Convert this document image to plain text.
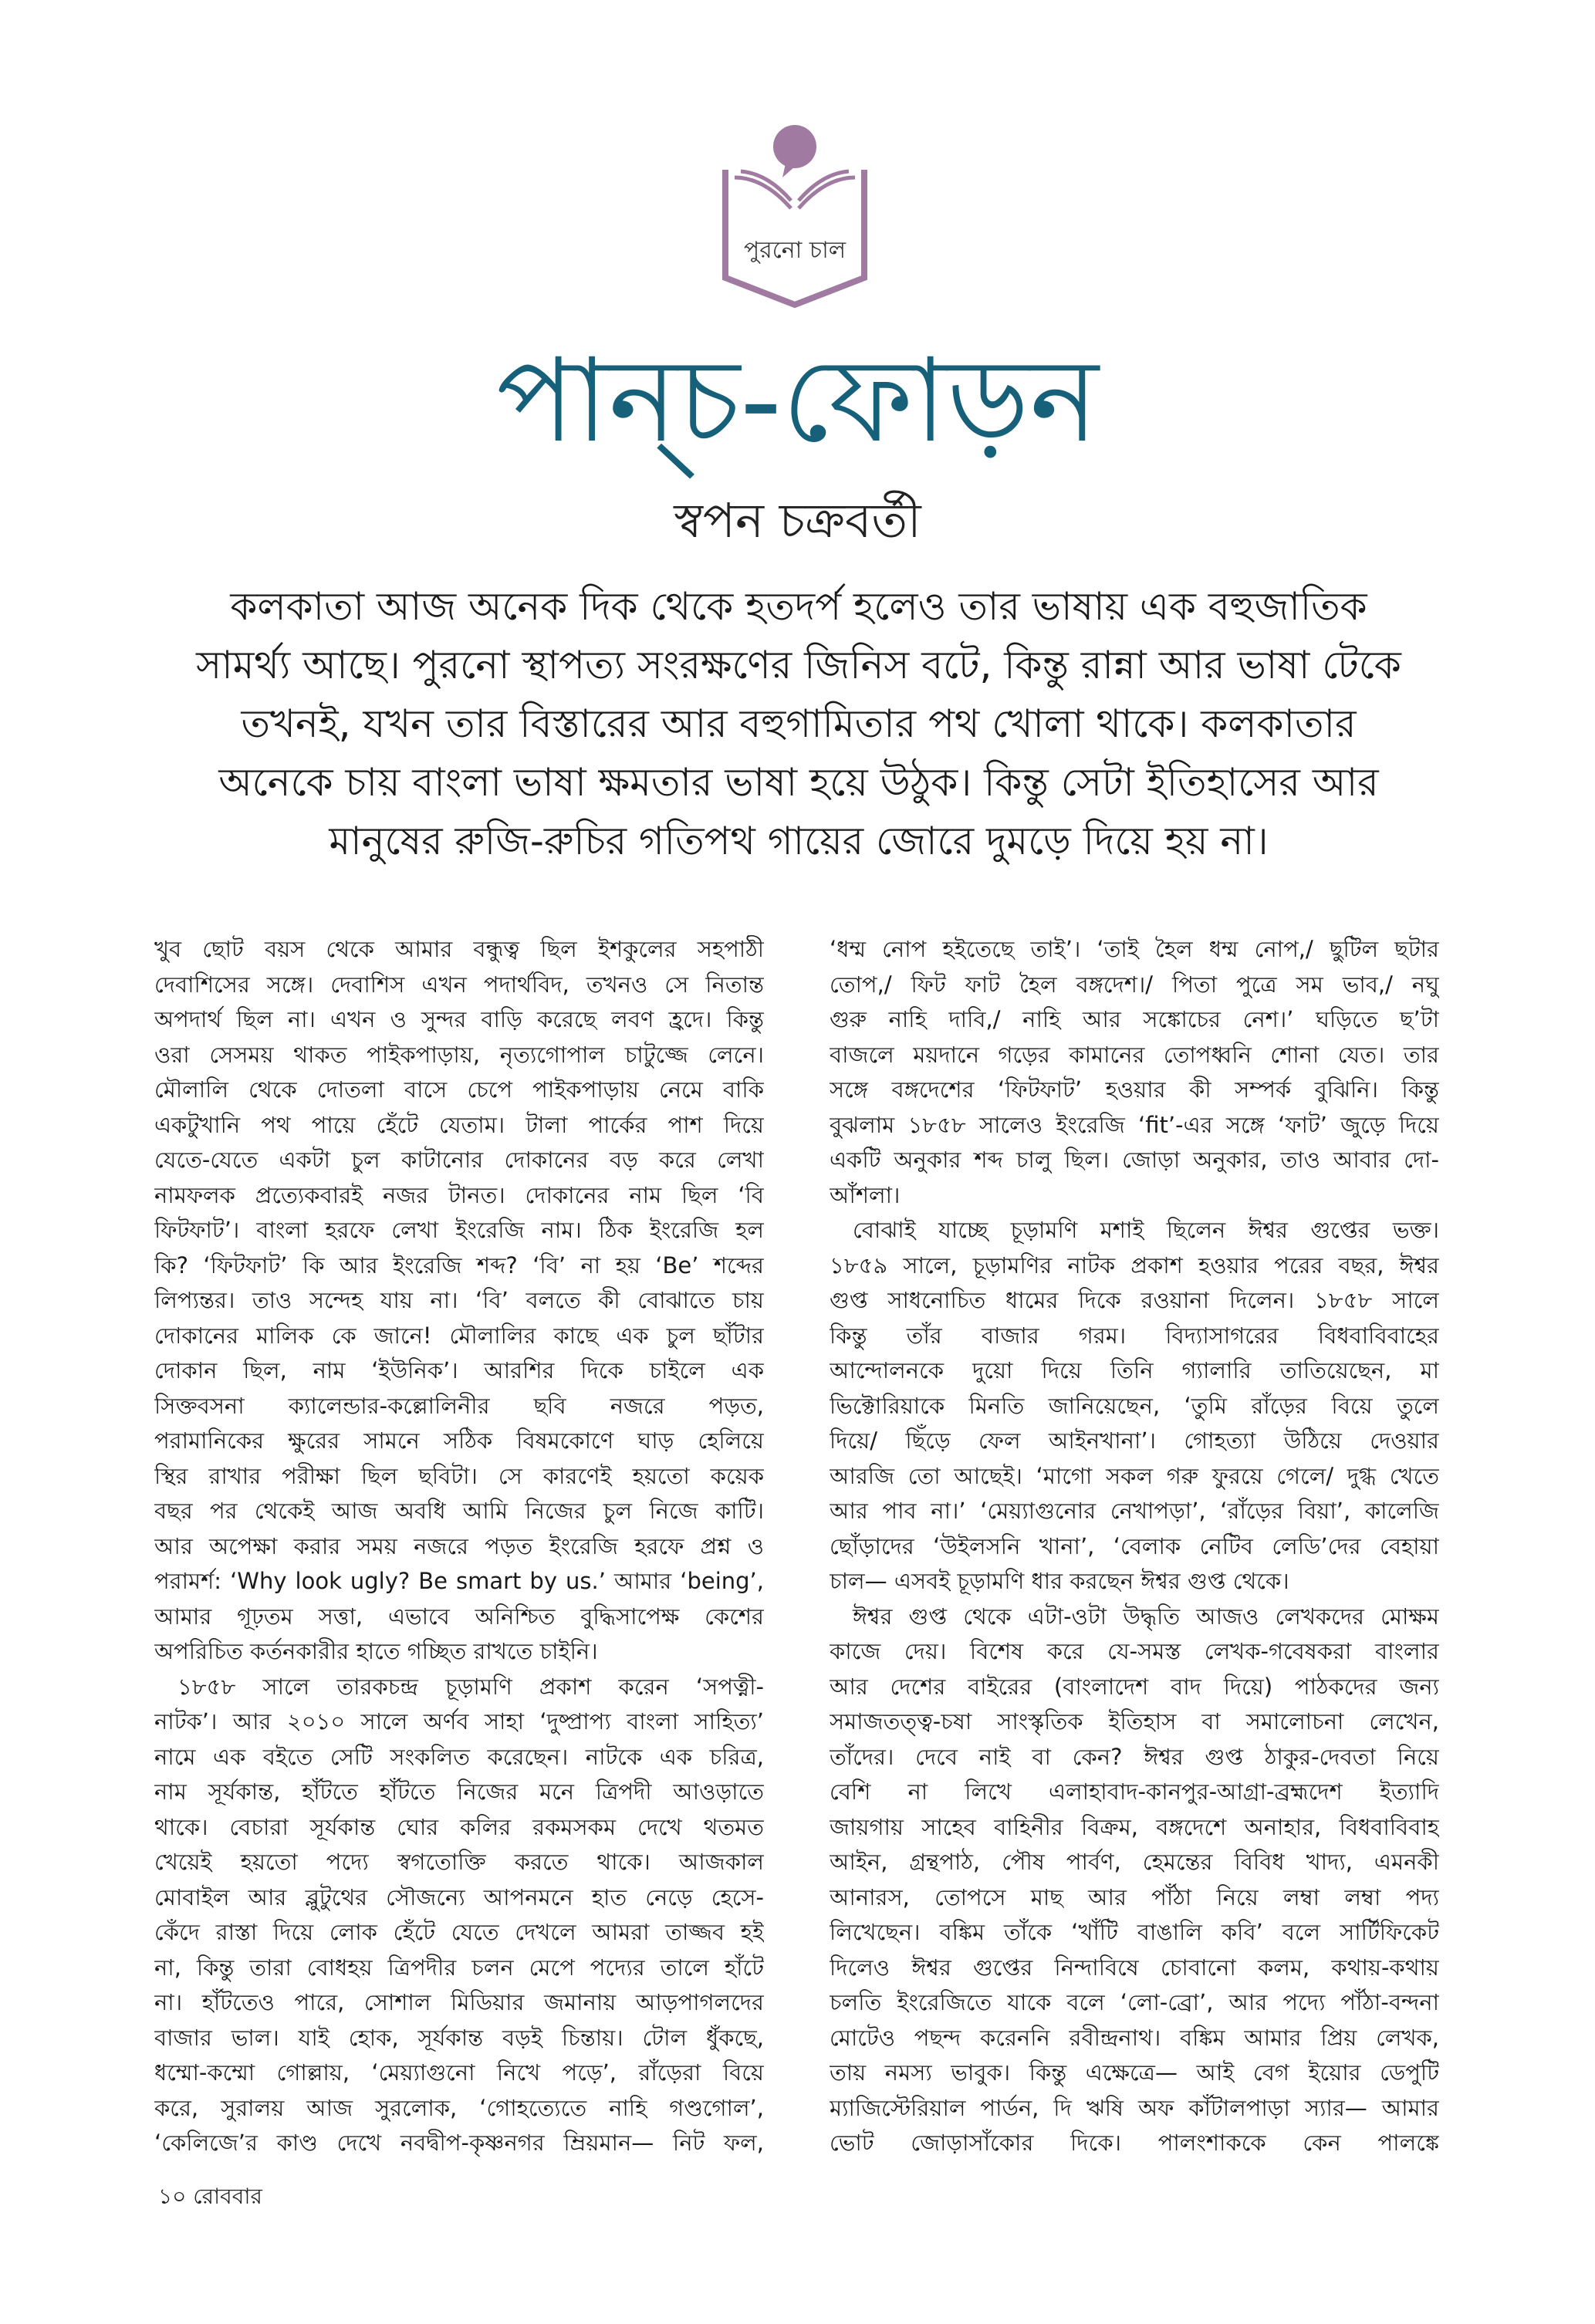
পুরনো চাল
পান্‌চ-ফোড়ন
স্বপন চক্রবর্তী
কলকাতা আজ অনেক দিক থেকে হতদর্প হলেও তার ভাষায় এক বহুজাতিক
সামর্থ্য আছে। পুরনো স্থাপত্য সংরক্ষণের জিনিস বটে, কিন্তু রান্না আর ভাষা টেকে
তখনই, যখন তার বিস্তারের আর বহুগামিতার পথ খোলা থাকে। কলকাতার
অনেকে চায় বাংলা ভাষা ক্ষমতার ভাষা হয়ে উঠুক। কিন্তু সেটা ইতিহাসের আর
মানুষের রুজি-রুচির গতিপথ গায়ের জোরে দুমড়ে দিয়ে হয় না।
খুব ছোট বয়স থেকে আমার বন্ধুত্ব ছিল ইশকুলের সহপাঠী
দেবাশিসের সঙ্গে। দেবাশিস এখন পদার্থবিদ, তখনও সে নিতান্ত
অপদার্থ ছিল না। এখন ও সুন্দর বাড়ি করেছে লবণ হ্রদে। কিন্তু
ওরা সেসময় থাকত পাইকপাড়ায়, নৃত্যগোপাল চাটুজ্জে লেনে।
মৌলালি থেকে দোতলা বাসে চেপে পাইকপাড়ায় নেমে বাকি
একটুখানি পথ পায়ে হেঁটে যেতাম। টালা পার্কের পাশ দিয়ে
যেতে-যেতে একটা চুল কাটানোর দোকানের বড় করে লেখা
নামফলক প্রত্যেকবারই নজর টানত। দোকানের নাম ছিল ‘বি
ফিটফাট’। বাংলা হরফে লেখা ইংরেজি নাম। ঠিক ইংরেজি হল
কি? ‘ফিটফাট’ কি আর ইংরেজি শব্দ? ‘বি’ না হয় ‘Be’ শব্দের
লিপ্যন্তর। তাও সন্দেহ যায় না। ‘বি’ বলতে কী বোঝাতে চায়
দোকানের মালিক কে জানে! মৌলালির কাছে এক চুল ছাঁটার
দোকান ছিল, নাম ‘ইউনিক’। আরশির দিকে চাইলে এক
সিক্তবসনা ক্যালেন্ডার-কল্লোলিনীর ছবি নজরে পড়ত,
পরামানিকের ক্ষুরের সামনে সঠিক বিষমকোণে ঘাড় হেলিয়ে
স্থির রাখার পরীক্ষা ছিল ছবিটা। সে কারণেই হয়তো কয়েক
বছর পর থেকেই আজ অবধি আমি নিজের চুল নিজে কাটি।
আর অপেক্ষা করার সময় নজরে পড়ত ইংরেজি হরফে প্রশ্ন ও
পরামর্শ: ‘Why look ugly? Be smart by us.’ আমার ‘being’,
আমার গূঢ়তম সত্তা, এভাবে অনিশ্চিত বুদ্ধিসাপেক্ষ কেশের
অপরিচিত কর্তনকারীর হাতে গচ্ছিত রাখতে চাইনি।
১৮৫৮ সালে তারকচন্দ্র চূড়ামণি প্রকাশ করেন ‘সপত্নী-
নাটক’। আর ২০১০ সালে অর্ণব সাহা ‘দুষ্প্রাপ্য বাংলা সাহিত্য’
নামে এক বইতে সেটি সংকলিত করেছেন। নাটকে এক চরিত্র,
নাম সূর্যকান্ত, হাঁটতে হাঁটতে নিজের মনে ত্রিপদী আওড়াতে
থাকে। বেচারা সূর্যকান্ত ঘোর কলির রকমসকম দেখে থতমত
খেয়েই হয়তো পদ্যে স্বগতোক্তি করতে থাকে। আজকাল
মোবাইল আর ব্লুটুথের সৌজন্যে আপনমনে হাত নেড়ে হেসে-
কেঁদে রাস্তা দিয়ে লোক হেঁটে যেতে দেখলে আমরা তাজ্জব হই
না, কিন্তু তারা বোধহয় ত্রিপদীর চলন মেপে পদ্যের তালে হাঁটে
না। হাঁটতেও পারে, সোশাল মিডিয়ার জমানায় আড়পাগলদের
বাজার ভাল। যাই হোক, সূর্যকান্ত বড়ই চিন্তায়। টোল ধুঁকছে,
ধম্মো-কম্মো গোল্লায়, ‘মেয়্যাগুনো নিখে পড়ে’, রাঁড়েরা বিয়ে
করে, সুরালয় আজ সুরলোক, ‘গোহত্যেতে নাহি গণ্ডগোল’,
‘কেলিজে’র কাণ্ড দেখে নবদ্বীপ-কৃষ্ণনগর ম্রিয়মান— নিট ফল,
‘ধম্ম নোপ হইতেছে তাই’। ‘তাই হৈল ধম্ম নোপ,/ ছুটিল ছটার
তোপ,/ ফিট ফাট হৈল বঙ্গদেশ।/ পিতা পুত্রে সম ভাব,/ নঘু
গুরু নাহি দাবি,/ নাহি আর সঙ্কোচের নেশ।’ ঘড়িতে ছ’টা
বাজলে ময়দানে গড়ের কামানের তোপধ্বনি শোনা যেত। তার
সঙ্গে বঙ্গদেশের ‘ফিটফাট’ হওয়ার কী সম্পর্ক বুঝিনি। কিন্তু
বুঝলাম ১৮৫৮ সালেও ইংরেজি ‘fit’-এর সঙ্গে ‘ফাট’ জুড়ে দিয়ে
একটি অনুকার শব্দ চালু ছিল। জোড়া অনুকার, তাও আবার দো-
আঁশলা।
বোঝাই যাচ্ছে চূড়ামণি মশাই ছিলেন ঈশ্বর গুপ্তের ভক্ত।
১৮৫৯ সালে, চূড়ামণির নাটক প্রকাশ হওয়ার পরের বছর, ঈশ্বর
গুপ্ত সাধনোচিত ধামের দিকে রওয়ানা দিলেন। ১৮৫৮ সালে
কিন্তু তাঁর বাজার গরম। বিদ্যাসাগরের বিধবাবিবাহের
আন্দোলনকে দুয়ো দিয়ে তিনি গ্যালারি তাতিয়েছেন, মা
ভিক্টোরিয়াকে মিনতি জানিয়েছেন, ‘তুমি রাঁড়ের বিয়ে তুলে
দিয়ে/ ছিঁড়ে ফেল আইনখানা’। গোহত্যা উঠিয়ে দেওয়ার
আরজি তো আছেই। ‘মাগো সকল গরু ফুরয়ে গেলে/ দুগ্ধ খেতে
আর পাব না।’ ‘মেয়্যাগুনোর নেখাপড়া’, ‘রাঁড়ের বিয়া’, কালেজি
ছোঁড়াদের ‘উইলসনি খানা’, ‘বেলাক নেটিব লেডি’দের বেহায়া
চাল— এসবই চূড়ামণি ধার করছেন ঈশ্বর গুপ্ত থেকে।
ঈশ্বর গুপ্ত থেকে এটা-ওটা উদ্ধৃতি আজও লেখকদের মোক্ষম
কাজে দেয়। বিশেষ করে যে-সমস্ত লেখক-গবেষকরা বাংলার
আর দেশের বাইরের (বাংলাদেশ বাদ দিয়ে) পাঠকদের জন্য
সমাজতত্ত্ব-চষা সাংস্কৃতিক ইতিহাস বা সমালোচনা লেখেন,
তাঁদের। দেবে নাই বা কেন? ঈশ্বর গুপ্ত ঠাকুর-দেবতা নিয়ে
বেশি না লিখে এলাহাবাদ-কানপুর-আগ্রা-ব্রহ্মদেশ ইত্যাদি
জায়গায় সাহেব বাহিনীর বিক্রম, বঙ্গদেশে অনাহার, বিধবাবিবাহ
আইন, গ্রন্থপাঠ, পৌষ পার্বণ, হেমন্তের বিবিধ খাদ্য, এমনকী
আনারস, তোপসে মাছ আর পাঁঠা নিয়ে লম্বা লম্বা পদ্য
লিখেছেন। বঙ্কিম তাঁকে ‘খাঁটি বাঙালি কবি’ বলে সার্টিফিকেট
দিলেও ঈশ্বর গুপ্তের নিন্দাবিষে চোবানো কলম, কথায়-কথায়
চলতি ইংরেজিতে যাকে বলে ‘লো-ব্রো’, আর পদ্যে পাঁঠা-বন্দনা
মোটেও পছন্দ করেননি রবীন্দ্রনাথ। বঙ্কিম আমার প্রিয় লেখক,
তায় নমস্য ভাবুক। কিন্তু এক্ষেত্রে— আই বেগ ইয়োর ডেপুটি
ম্যাজিস্টেরিয়াল পার্ডন, দি ঋষি অফ কাঁটালপাড়া স্যার— আমার
ভোট জোড়াসাঁকোর দিকে। পালংশাককে কেন পালঙ্কে
১০ রোববার
